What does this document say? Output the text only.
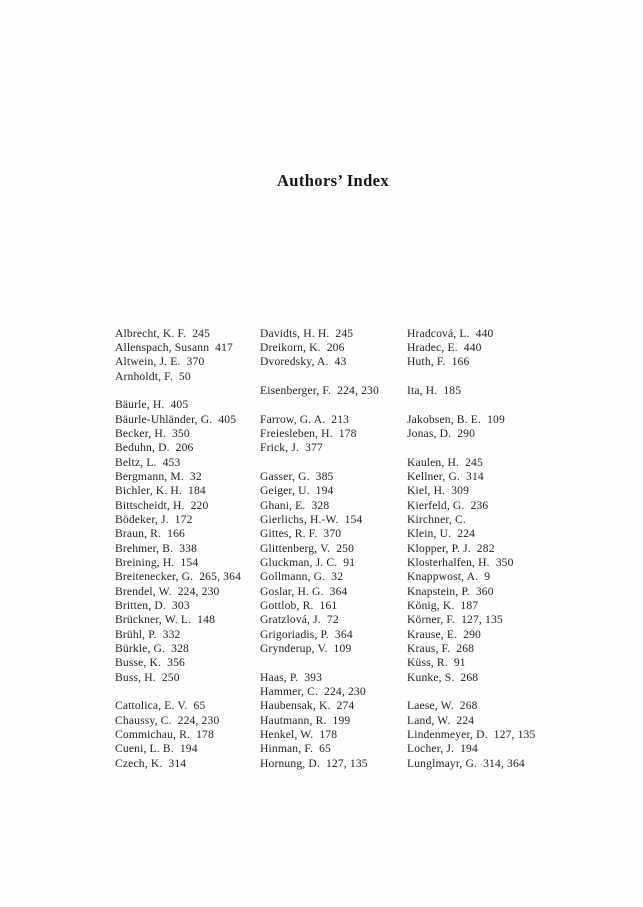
Authors’ Index
Albrecht, K. F. 245
Allenspach, Susann 417
Altwein, J. E. 370
Arnholdt, F. 50
Bäurle, H. 405
Bäurle-Uhländer, G. 405
Becker, H. 350
Beduhn, D. 206
Beltz, L. 453
Bergmann, M. 32
Bichler, K. H. 184
Bittscheidt, H. 220
Bödeker, J. 172
Braun, R. 166
Brehmer, B. 338
Breining, H. 154
Breitenecker, G. 265, 364
Brendel, W. 224, 230
Britten, D. 303
Brückner, W. L. 148
Brühl, P. 332
Bürkle, G. 328
Busse, K. 356
Buss, H. 250
Cattolica, E. V. 65
Chaussy, C. 224, 230
Commichau, R. 178
Cueni, L. B. 194
Czech, K. 314
Davidts, H. H. 245
Dreikorn, K. 206
Dvoredsky, A. 43
Eisenberger, F. 224, 230
Farrow, G. A. 213
Freiesleben, H. 178
Frick, J. 377
Gasser, G. 385
Geiger, U. 194
Ghani, E. 328
Gierlichs, H.-W. 154
Gittes, R. F. 370
Glittenberg, V. 250
Gluckman, J. C. 91
Gollmann, G. 32
Goslar, H. G. 364
Gottlob, R. 161
Gratzlová, J. 72
Grigoriadis, P. 364
Grynderup, V. 109
Haas, P. 393
Hammer, C. 224, 230
Haubensak, K. 274
Hautmann, R. 199
Henkel, W. 178
Hinman, F. 65
Hornung, D. 127, 135
Hradcová, L. 440
Hradec, E. 440
Huth, F. 166
Ita, H. 185
Jakobsen, B. E. 109
Jonas, D. 290
Kaulen, H. 245
Kellner, G. 314
Kiel, H. 309
Kierfeld, G. 236
Kirchner, C.
Klein, U. 224
Klopper, P. J. 282
Klosterhalfen, H. 350
Knappwost, A. 9
Knapstein, P. 360
König, K. 187
Körner, F. 127, 135
Krause, E. 290
Kraus, F. 268
Küss, R. 91
Kunke, S. 268
Laese, W. 268
Land, W. 224
Lindenmeyer, D. 127, 135
Locher, J. 194
Lunglmayr, G. 314, 364
